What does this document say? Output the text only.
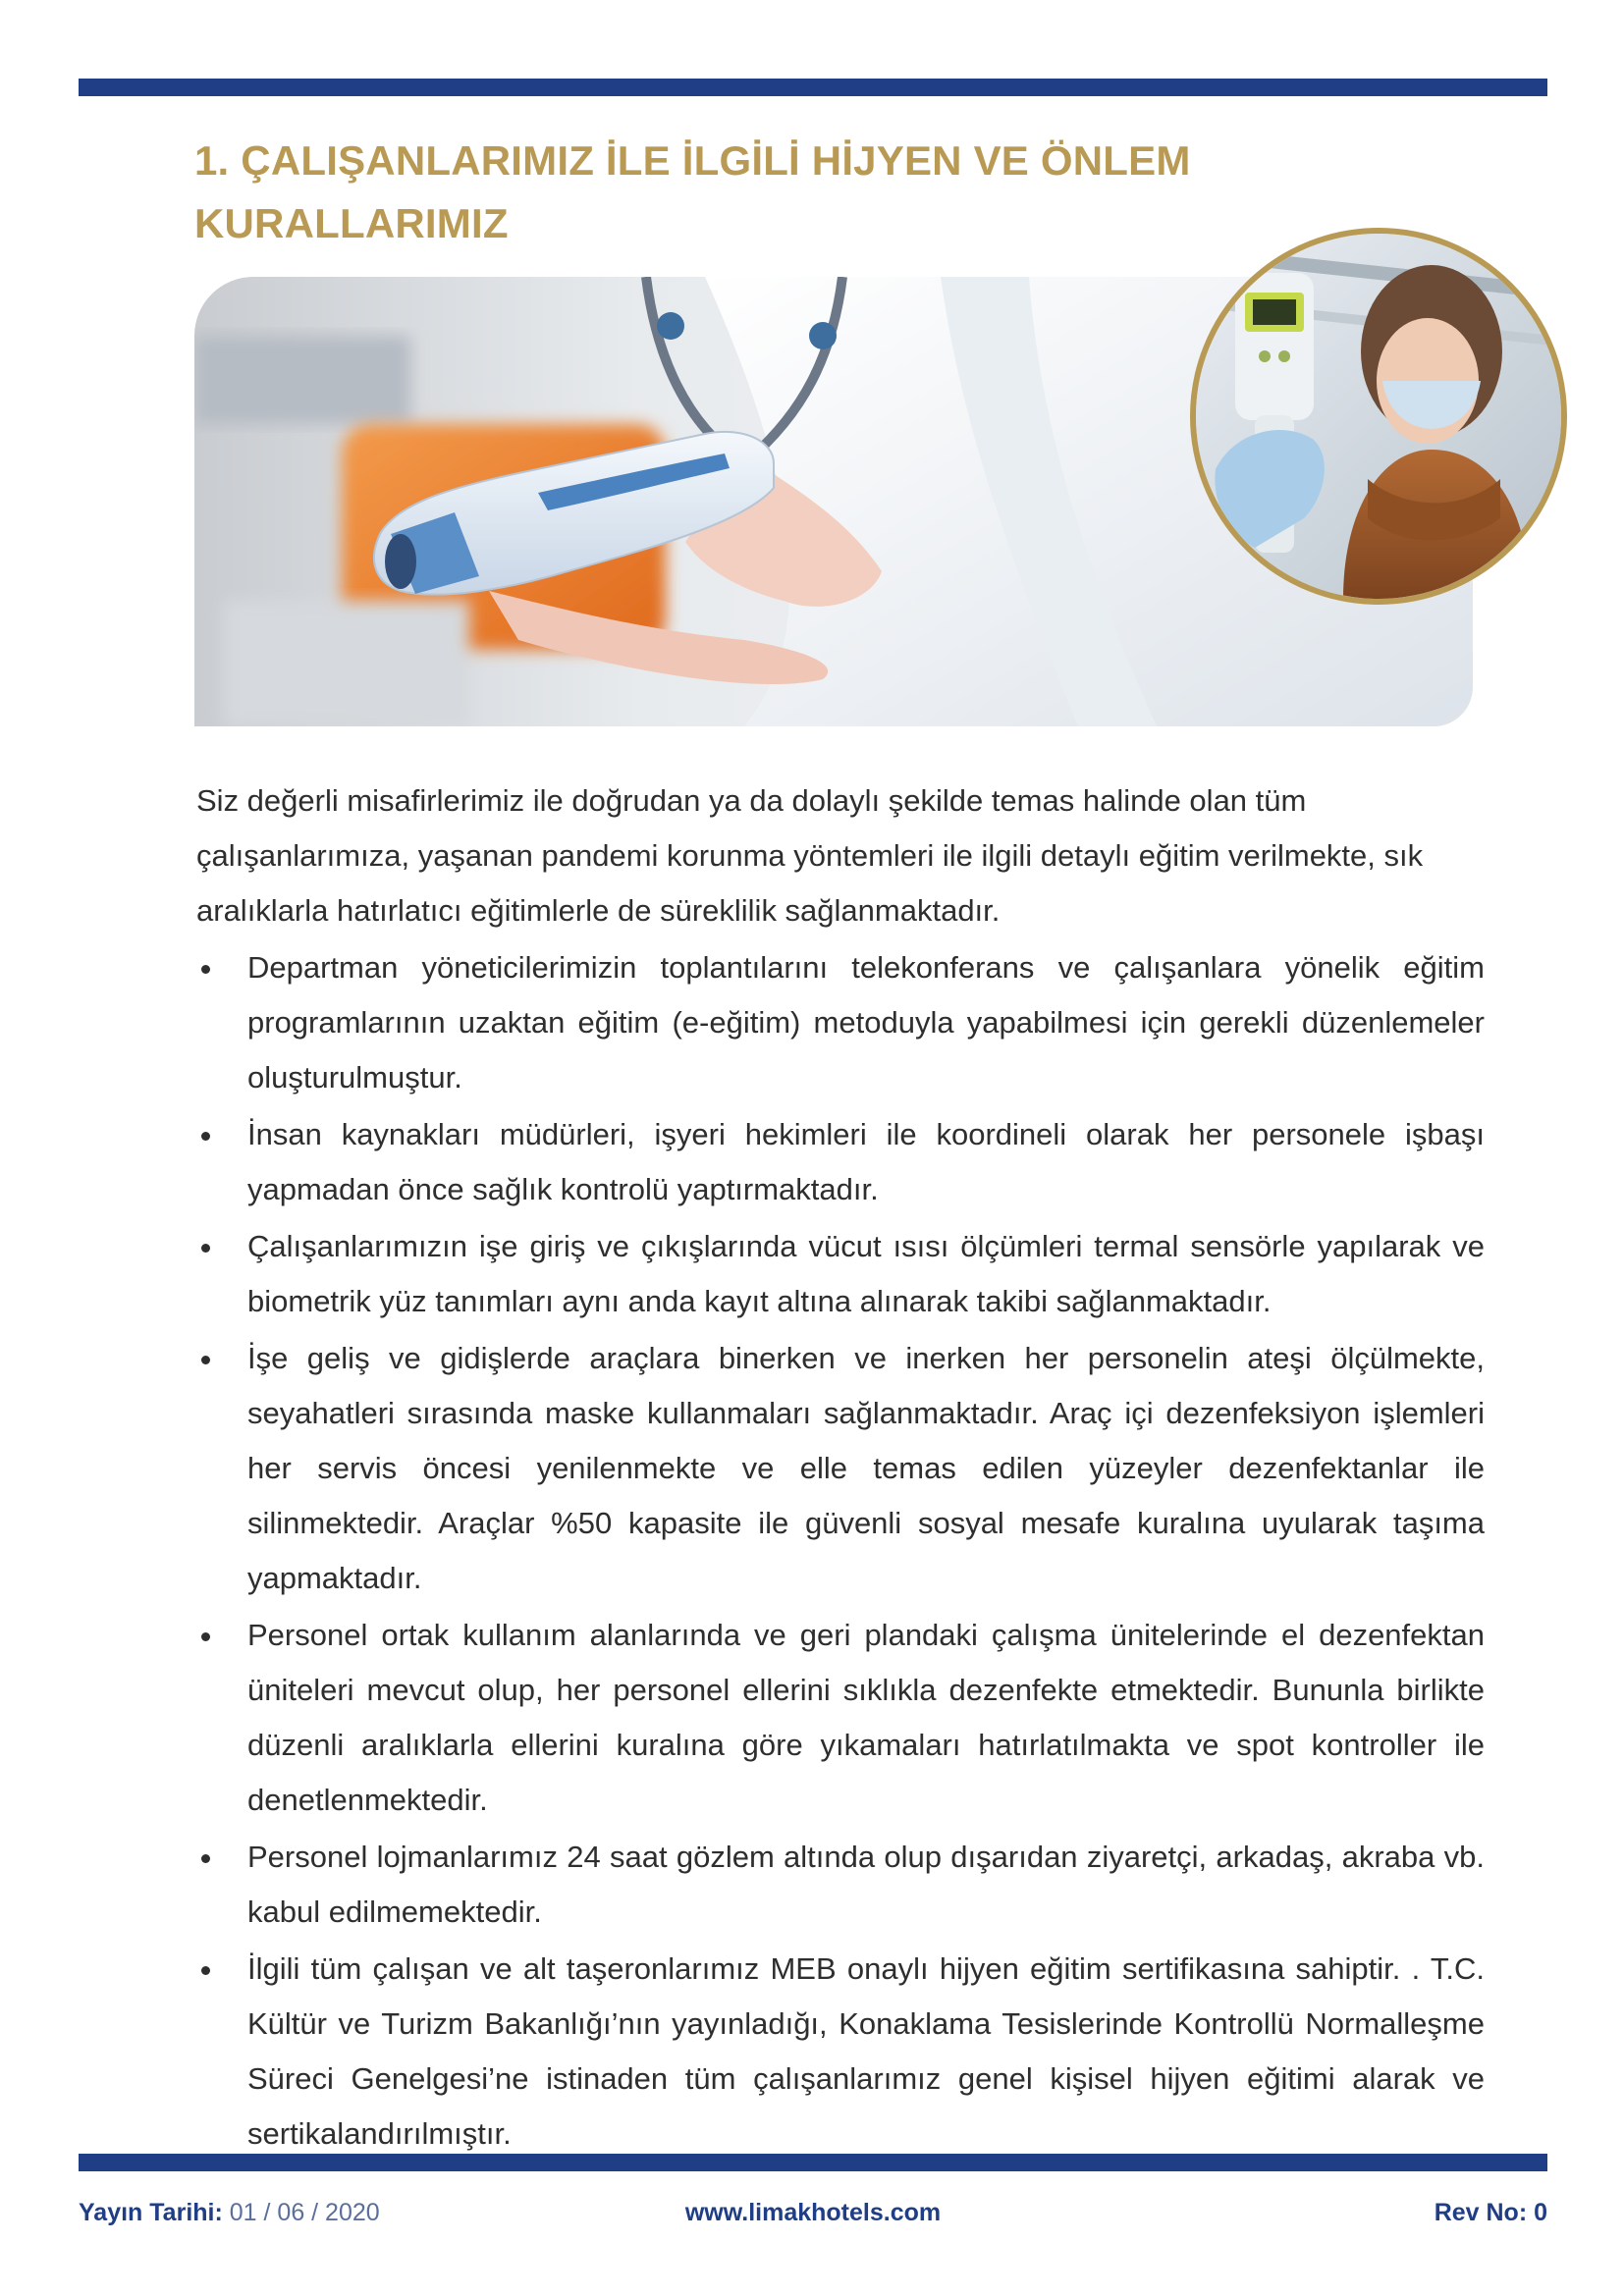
1. ÇALIŞANLARIMIZ İLE İLGİLİ HİJYEN VE ÖNLEM KURALLARIMIZ

Siz değerli misafirlerimiz ile doğrudan ya da dolaylı şekilde temas halinde olan tüm çalışanlarımıza, yaşanan pandemi korunma yöntemleri ile ilgili detaylı eğitim verilmekte, sık aralıklarla hatırlatıcı eğitimlerle de süreklilik sağlanmaktadır.

Departman yöneticilerimizin toplantılarını telekonferans ve çalışanlara yönelik eğitim programlarının uzaktan eğitim (e-eğitim) metoduyla yapabilmesi için gerekli düzenlemeler oluşturulmuştur.
İnsan kaynakları müdürleri, işyeri hekimleri ile koordineli olarak her personele işbaşı yapmadan önce sağlık kontrolü yaptırmaktadır.
Çalışanlarımızın işe giriş ve çıkışlarında vücut ısısı ölçümleri termal sensörle yapılarak ve biometrik yüz tanımları aynı anda kayıt altına alınarak takibi sağlanmaktadır.
İşe geliş ve gidişlerde araçlara binerken ve inerken her personelin ateşi ölçülmekte, seyahatleri sırasında maske kullanmaları sağlanmaktadır. Araç içi dezenfeksiyon işlemleri her servis öncesi yenilenmekte ve elle temas edilen yüzeyler dezenfektanlar ile silinmektedir. Araçlar %50 kapasite ile güvenli sosyal mesafe kuralına uyularak taşıma yapmaktadır.
Personel ortak kullanım alanlarında ve geri plandaki çalışma ünitelerinde el dezenfektan üniteleri mevcut olup, her personel ellerini sıklıkla dezenfekte etmektedir. Bununla birlikte düzenli aralıklarla ellerini kuralına göre yıkamaları hatırlatılmakta ve spot kontroller ile denetlenmektedir.
Personel lojmanlarımız 24 saat gözlem altında olup dışarıdan ziyaretçi, arkadaş, akraba vb. kabul edilmemektedir.
İlgili tüm çalışan ve alt taşeronlarımız MEB onaylı hijyen eğitim sertifikasına sahiptir. . T.C. Kültür ve Turizm Bakanlığı’nın yayınladığı, Konaklama Tesislerinde Kontrollü Normalleşme Süreci Genelgesi’ne istinaden tüm çalışanlarımız genel kişisel hijyen eğitimi alarak ve sertikalandırılmıştır.
Yayın Tarihi: 01 / 06 / 2020	www.limakhotels.com	Rev No: 0
